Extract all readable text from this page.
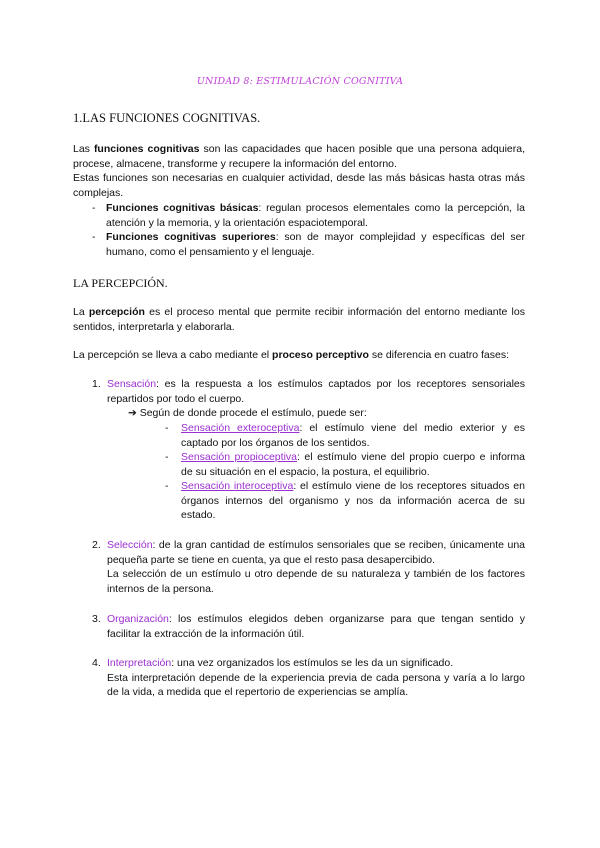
UNIDAD 8: ESTIMULACIÓN COGNITIVA
1.LAS FUNCIONES COGNITIVAS.

Las funciones cognitivas son las capacidades que hacen posible que una persona adquiera, procese, almacene, transforme y recupere la información del entorno.

Estas funciones son necesarias en cualquier actividad, desde las más básicas hasta otras más complejas.

- Funciones cognitivas básicas: regulan procesos elementales como la percepción, la atención y la memoria, y la orientación espaciotemporal.
- Funciones cognitivas superiores: son de mayor complejidad y específicas del ser humano, como el pensamiento y el lenguaje.
LA PERCEPCIÓN.

La percepción es el proceso mental que permite recibir información del entorno mediante los sentidos, interpretarla y elaborarla.

La percepción se lleva a cabo mediante el proceso perceptivo se diferencia en cuatro fases:

1. Sensación: es la respuesta a los estímulos captados por los receptores sensoriales repartidos por todo el cuerpo.
➔ Según de donde procede el estímulo, puede ser:
- Sensación exteroceptiva: el estímulo viene del medio exterior y es captado por los órganos de los sentidos.
- Sensación propioceptiva: el estímulo viene del propio cuerpo e informa de su situación en el espacio, la postura, el equilibrio.
- Sensación interoceptiva: el estímulo viene de los receptores situados en órganos internos del organismo y nos da información acerca de su estado.
2. Selección: de la gran cantidad de estímulos sensoriales que se reciben, únicamente una pequeña parte se tiene en cuenta, ya que el resto pasa desapercibido.
La selección de un estímulo u otro depende de su naturaleza y también de los factores internos de la persona.
3. Organización: los estímulos elegidos deben organizarse para que tengan sentido y facilitar la extracción de la información útil.
4. Interpretación: una vez organizados los estímulos se les da un significado.
Esta interpretación depende de la experiencia previa de cada persona y varía a lo largo de la vida, a medida que el repertorio de experiencias se amplía.
